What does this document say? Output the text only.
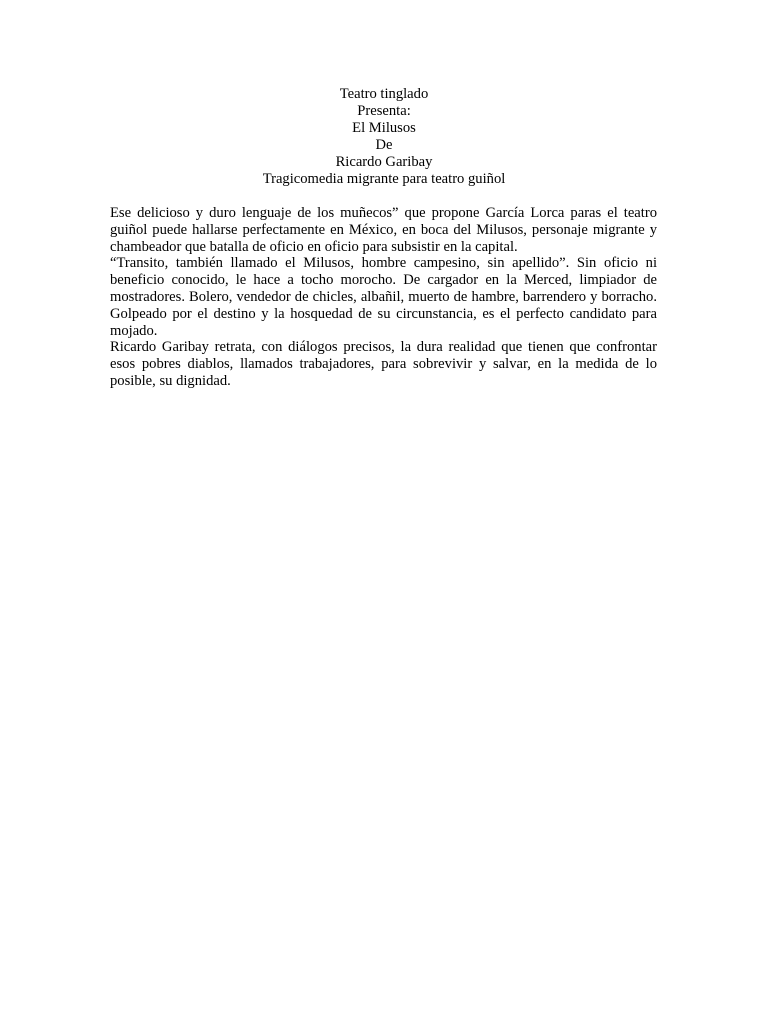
Teatro tinglado
Presenta:
El Milusos
De
Ricardo Garibay
Tragicomedia migrante para teatro guiñol

Ese delicioso y duro lenguaje de los muñecos” que propone García Lorca paras el teatro guiñol puede hallarse perfectamente en México, en boca del Milusos, personaje migrante y chambeador que batalla de oficio en oficio para subsistir en la capital.

“Transito, también llamado el Milusos, hombre campesino, sin apellido”. Sin oficio ni beneficio conocido, le hace a tocho morocho. De cargador en la Merced, limpiador de mostradores. Bolero, vendedor de chicles, albañil, muerto de hambre, barrendero y borracho. Golpeado por el destino y la hosquedad de su circunstancia, es el perfecto candidato para mojado.

Ricardo Garibay retrata, con diálogos precisos, la dura realidad que tienen que confrontar esos pobres diablos, llamados trabajadores, para sobrevivir y salvar, en la medida de lo posible, su dignidad.
